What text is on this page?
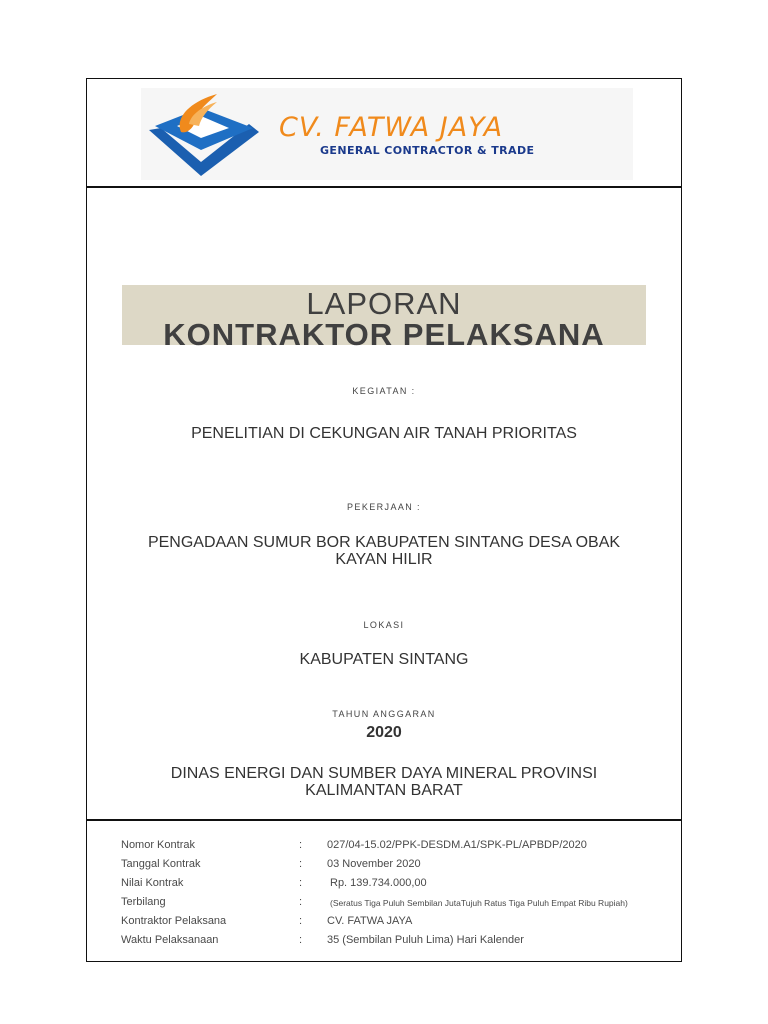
CV. FATWA JAYA
GENERAL CONTRACTOR & TRADE
LAPORAN
KONTRAKTOR PELAKSANA
KEGIATAN :
PENELITIAN DI CEKUNGAN AIR TANAH PRIORITAS
PEKERJAAN :
PENGADAAN SUMUR BOR KABUPATEN SINTANG DESA OBAK
KAYAN HILIR
LOKASI
KABUPATEN SINTANG
TAHUN ANGGARAN
2020
DINAS ENERGI DAN SUMBER DAYA MINERAL PROVINSI
KALIMANTAN BARAT
Nomor Kontrak	: 027/04-15.02/PPK-DESDM.A1/SPK-PL/APBDP/2020
Tanggal Kontrak	: 03 November 2020
Nilai Kontrak	:	Rp. 139.734.000,00
Terbilang	:	(Seratus Tiga Puluh Sembilan JutaTujuh Ratus Tiga Puluh Empat Ribu Rupiah)
Kontraktor Pelaksana	: CV. FATWA JAYA
Waktu Pelaksanaan	: 35 (Sembilan Puluh Lima) Hari Kalender
